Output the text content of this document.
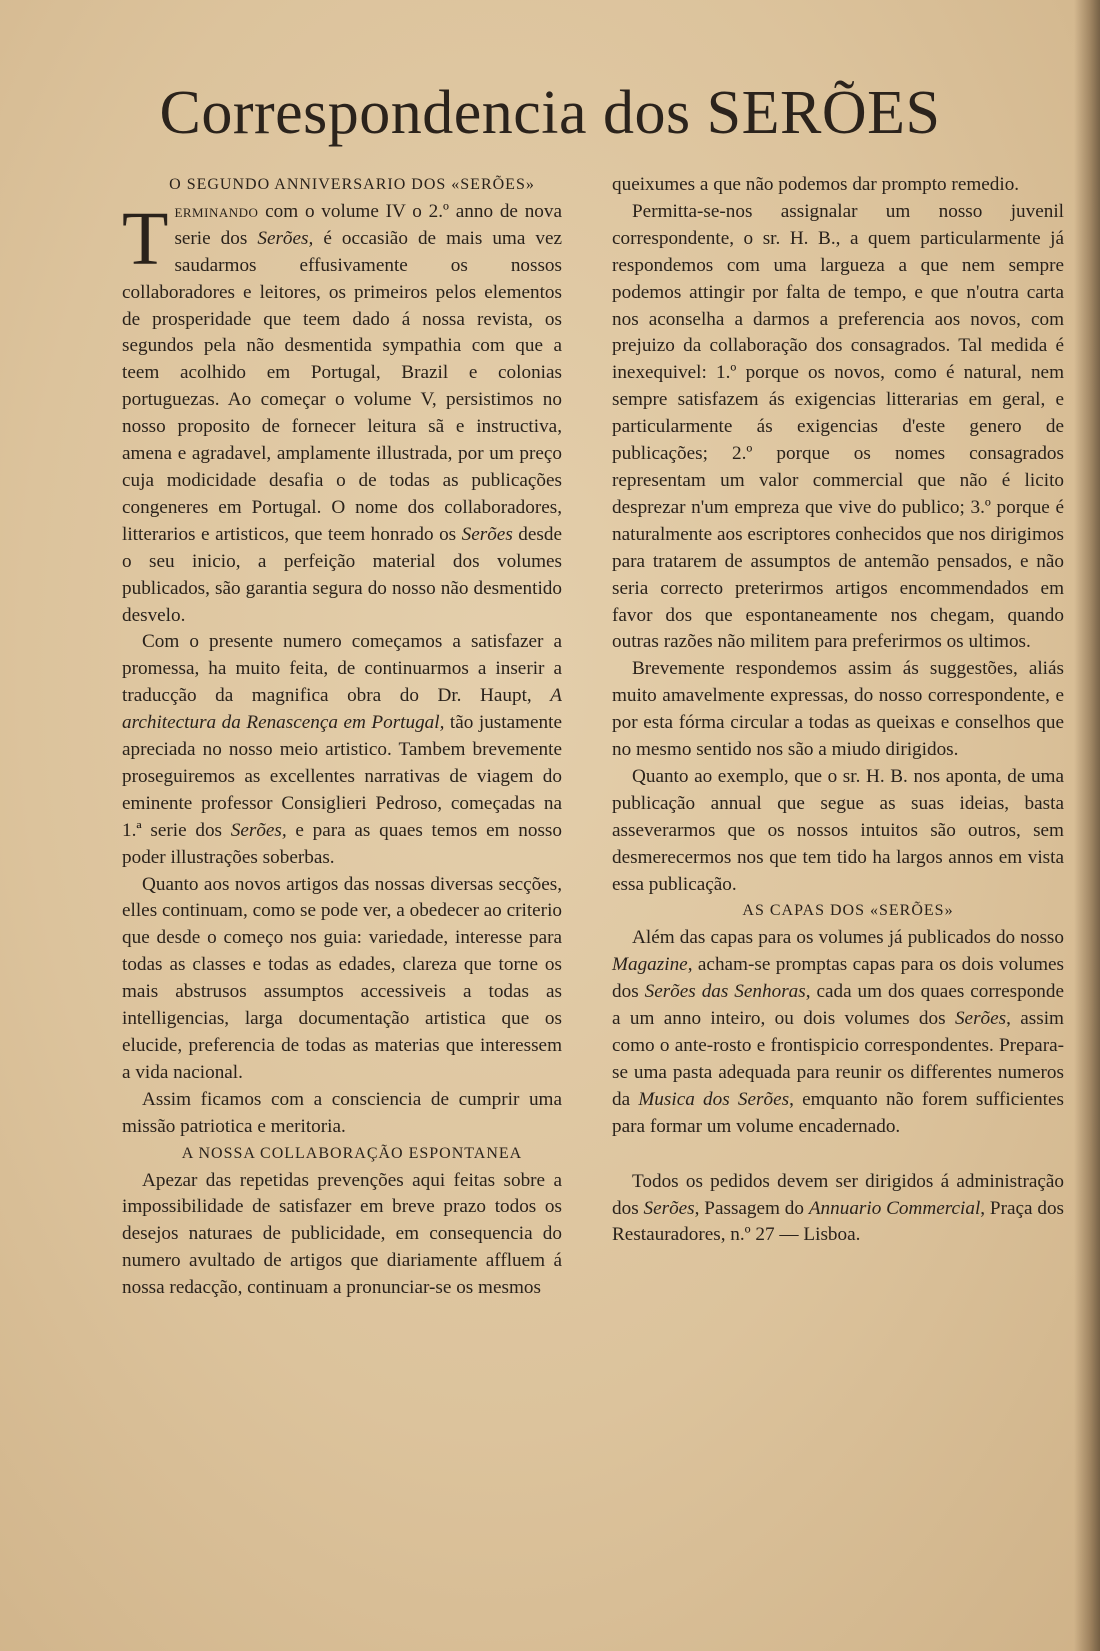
Correspondencia dos SERÕES

O SEGUNDO ANNIVERSARIO DOS «SERÕES»

Terminando com o volume IV o 2.º anno de nova serie dos Serões, é occasião de mais uma vez saudarmos effusivamente os nossos collaboradores e leitores, os primeiros pelos elementos de prosperidade que teem dado á nossa revista, os segundos pela não desmentida sympathia com que a teem acolhido em Portugal, Brazil e colonias portuguezas. Ao começar o volume V, persistimos no nosso proposito de fornecer leitura sã e instructiva, amena e agradavel, amplamente illustrada, por um preço cuja modicidade desafia o de todas as publicações congeneres em Portugal. O nome dos collaboradores, litterarios e artisticos, que teem honrado os Serões desde o seu inicio, a perfeição material dos volumes publicados, são garantia segura do nosso não desmentido desvelo.

Com o presente numero começamos a satisfazer a promessa, ha muito feita, de continuarmos a inserir a traducção da magnifica obra do Dr. Haupt, A architectura da Renascença em Portugal, tão justamente apreciada no nosso meio artistico. Tambem brevemente proseguiremos as excellentes narrativas de viagem do eminente professor Consiglieri Pedroso, começadas na 1.ª serie dos Serões, e para as quaes temos em nosso poder illustrações soberbas.

Quanto aos novos artigos das nossas diversas secções, elles continuam, como se pode ver, a obedecer ao criterio que desde o começo nos guia: variedade, interesse para todas as classes e todas as edades, clareza que torne os mais abstrusos assumptos accessiveis a todas as intelligencias, larga documentação artistica que os elucide, preferencia de todas as materias que interessem a vida nacional.

Assim ficamos com a consciencia de cumprir uma missão patriotica e meritoria.

A NOSSA COLLABORAÇÃO ESPONTANEA

Apezar das repetidas prevenções aqui feitas sobre a impossibilidade de satisfazer em breve prazo todos os desejos naturaes de publicidade, em consequencia do numero avultado de artigos que diariamente affluem á nossa redacção, continuam a pronunciar-se os mesmos

queixumes a que não podemos dar prompto remedio.

Permitta-se-nos assignalar um nosso juvenil correspondente, o sr. H. B., a quem particularmente já respondemos com uma largueza a que nem sempre podemos attingir por falta de tempo, e que n'outra carta nos aconselha a darmos a preferencia aos novos, com prejuizo da collaboração dos consagrados. Tal medida é inexequivel: 1.º porque os novos, como é natural, nem sempre satisfazem ás exigencias litterarias em geral, e particularmente ás exigencias d'este genero de publicações; 2.º porque os nomes consagrados representam um valor commercial que não é licito desprezar n'um empreza que vive do publico; 3.º porque é naturalmente aos escriptores conhecidos que nos dirigimos para tratarem de assumptos de antemão pensados, e não seria correcto preterirmos artigos encommendados em favor dos que espontaneamente nos chegam, quando outras razões não militem para preferirmos os ultimos.

Brevemente respondemos assim ás suggestões, aliás muito amavelmente expressas, do nosso correspondente, e por esta fórma circular a todas as queixas e conselhos que no mesmo sentido nos são a miudo dirigidos.

Quanto ao exemplo, que o sr. H. B. nos aponta, de uma publicação annual que segue as suas ideias, basta asseverarmos que os nossos intuitos são outros, sem desmerecermos nos que tem tido ha largos annos em vista essa publicação.

AS CAPAS DOS «SERÕES»

Além das capas para os volumes já publicados do nosso Magazine, acham-se promptas capas para os dois volumes dos Serões das Senhoras, cada um dos quaes corresponde a um anno inteiro, ou dois volumes dos Serões, assim como o ante-rosto e frontispicio correspondentes. Prepara-se uma pasta adequada para reunir os differentes numeros da Musica dos Serões, emquanto não forem sufficientes para formar um volume encadernado.

Todos os pedidos devem ser dirigidos á administração dos Serões, Passagem do Annuario Commercial, Praça dos Restauradores, n.º 27 — Lisboa.
